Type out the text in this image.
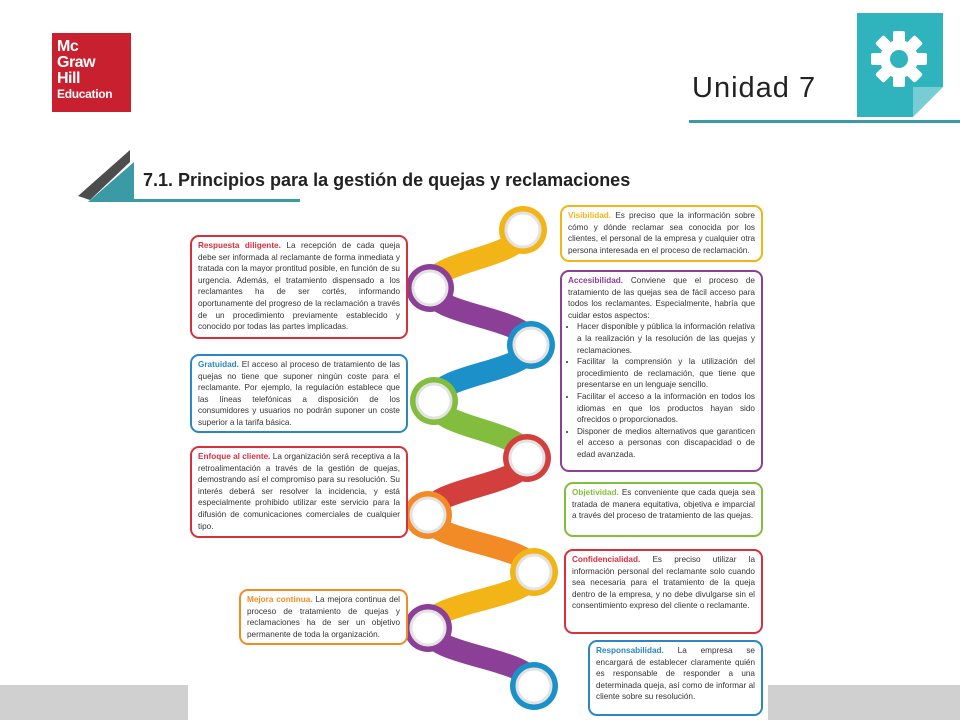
Mc
Graw
Hill
Education	Unidad 7
7.1. Principios para la gestión de quejas y reclamaciones
Respuesta diligente. La recepción de cada queja debe ser informada al reclamante de forma inmediata y tratada con la mayor prontitud posible, en función de su urgencia. Además, el tratamiento dispensado a los reclamantes ha de ser cortés, informando oportunamente del progreso de la reclamación a través de un procedimiento previamente establecido y conocido por todas las partes implicadas.
Gratuidad. El acceso al proceso de tratamiento de las quejas no tiene que suponer ningún coste para el reclamante. Por ejemplo, la regulación establece que las líneas telefónicas a disposición de los consumidores y usuarios no podrán suponer un coste superior a la tarifa básica.
Enfoque al cliente. La organización será receptiva a la retroalimentación a través de la gestión de quejas, demostrando así el compromiso para su resolución. Su interés deberá ser resolver la incidencia, y está especialmente prohibido utilizar este servicio para la difusión de comunicaciones comerciales de cualquier tipo.
Mejora continua. La mejora continua del proceso de tratamiento de quejas y reclamaciones ha de ser un objetivo permanente de toda la organización.
Visibilidad. Es preciso que la información sobre cómo y dónde reclamar sea conocida por los clientes, el personal de la empresa y cualquier otra persona interesada en el proceso de reclamación.
Accesibilidad. Conviene que el proceso de tratamiento de las quejas sea de fácil acceso para todos los reclamantes. Especialmente, habría que cuidar estos aspectos:
• Hacer disponible y pública la información relativa a la realización y la resolución de las quejas y reclamaciones.
• Facilitar la comprensión y la utilización del procedimiento de reclamación, que tiene que presentarse en un lenguaje sencillo.
• Facilitar el acceso a la información en todos los idiomas en que los productos hayan sido ofrecidos o proporcionados.
• Disponer de medios alternativos que garanticen el acceso a personas con discapacidad o de edad avanzada.
Objetividad. Es conveniente que cada queja sea tratada de manera equitativa, objetiva e imparcial a través del proceso de tratamiento de las quejas.
Confidencialidad. Es preciso utilizar la información personal del reclamante solo cuando sea necesaria para el tratamiento de la queja dentro de la empresa, y no debe divulgarse sin el consentimiento expreso del cliente o reclamante.
Responsabilidad. La empresa se encargará de establecer claramente quién es responsable de responder a una determinada queja, así como de informar al cliente sobre su resolución.
